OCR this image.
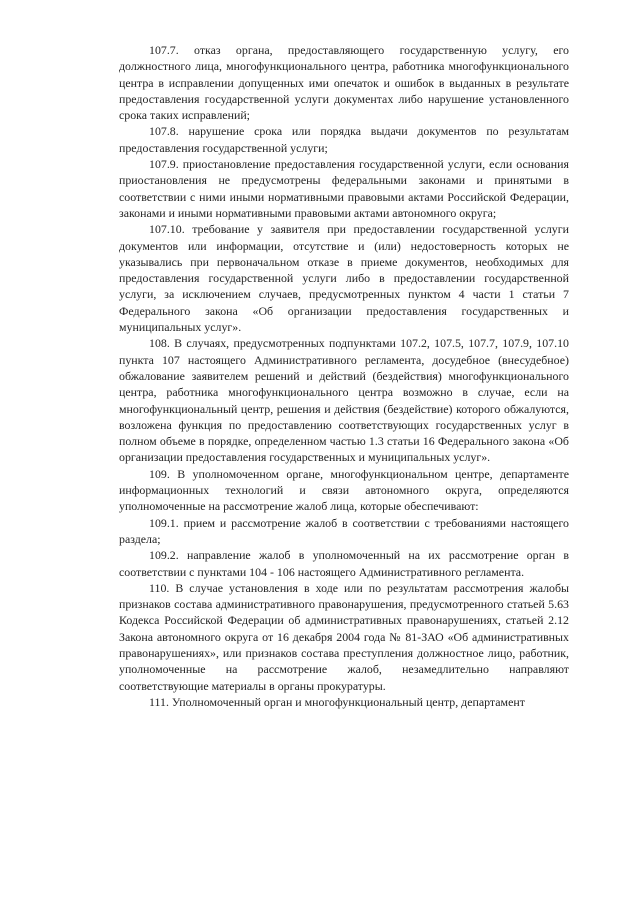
107.7. отказ органа, предоставляющего государственную услугу, его должностного лица, многофункционального центра, работника многофункционального центра в исправлении допущенных ими опечаток и ошибок в выданных в результате предоставления государственной услуги документах либо нарушение установленного срока таких исправлений;

107.8. нарушение срока или порядка выдачи документов по результатам предоставления государственной услуги;

107.9. приостановление предоставления государственной услуги, если основания приостановления не предусмотрены федеральными законами и принятыми в соответствии с ними иными нормативными правовыми актами Российской Федерации, законами и иными нормативными правовыми актами автономного округа;

107.10. требование у заявителя при предоставлении государственной услуги документов или информации, отсутствие и (или) недостоверность которых не указывались при первоначальном отказе в приеме документов, необходимых для предоставления государственной услуги либо в предоставлении государственной услуги, за исключением случаев, предусмотренных пунктом 4 части 1 статьи 7 Федерального закона «Об организации предоставления государственных и муниципальных услуг».

108. В случаях, предусмотренных подпунктами 107.2, 107.5, 107.7, 107.9, 107.10 пункта 107 настоящего Административного регламента, досудебное (внесудебное) обжалование заявителем решений и действий (бездействия) многофункционального центра, работника многофункционального центра возможно в случае, если на многофункциональный центр, решения и действия (бездействие) которого обжалуются, возложена функция по предоставлению соответствующих государственных услуг в полном объеме в порядке, определенном частью 1.3 статьи 16 Федерального закона «Об организации предоставления государственных и муниципальных услуг».

109. В уполномоченном органе, многофункциональном центре, департаменте информационных технологий и связи автономного округа, определяются уполномоченные на рассмотрение жалоб лица, которые обеспечивают:

109.1. прием и рассмотрение жалоб в соответствии с требованиями настоящего раздела;

109.2. направление жалоб в уполномоченный на их рассмотрение орган в соответствии с пунктами 104 - 106 настоящего Административного регламента.

110. В случае установления в ходе или по результатам рассмотрения жалобы признаков состава административного правонарушения, предусмотренного статьей 5.63 Кодекса Российской Федерации об административных правонарушениях, статьей 2.12 Закона автономного округа от 16 декабря 2004 года № 81-ЗАО «Об административных правонарушениях», или признаков состава преступления должностное лицо, работник, уполномоченные на рассмотрение жалоб, незамедлительно направляют соответствующие материалы в органы прокуратуры.

111. Уполномоченный орган и многофункциональный центр, департамент
